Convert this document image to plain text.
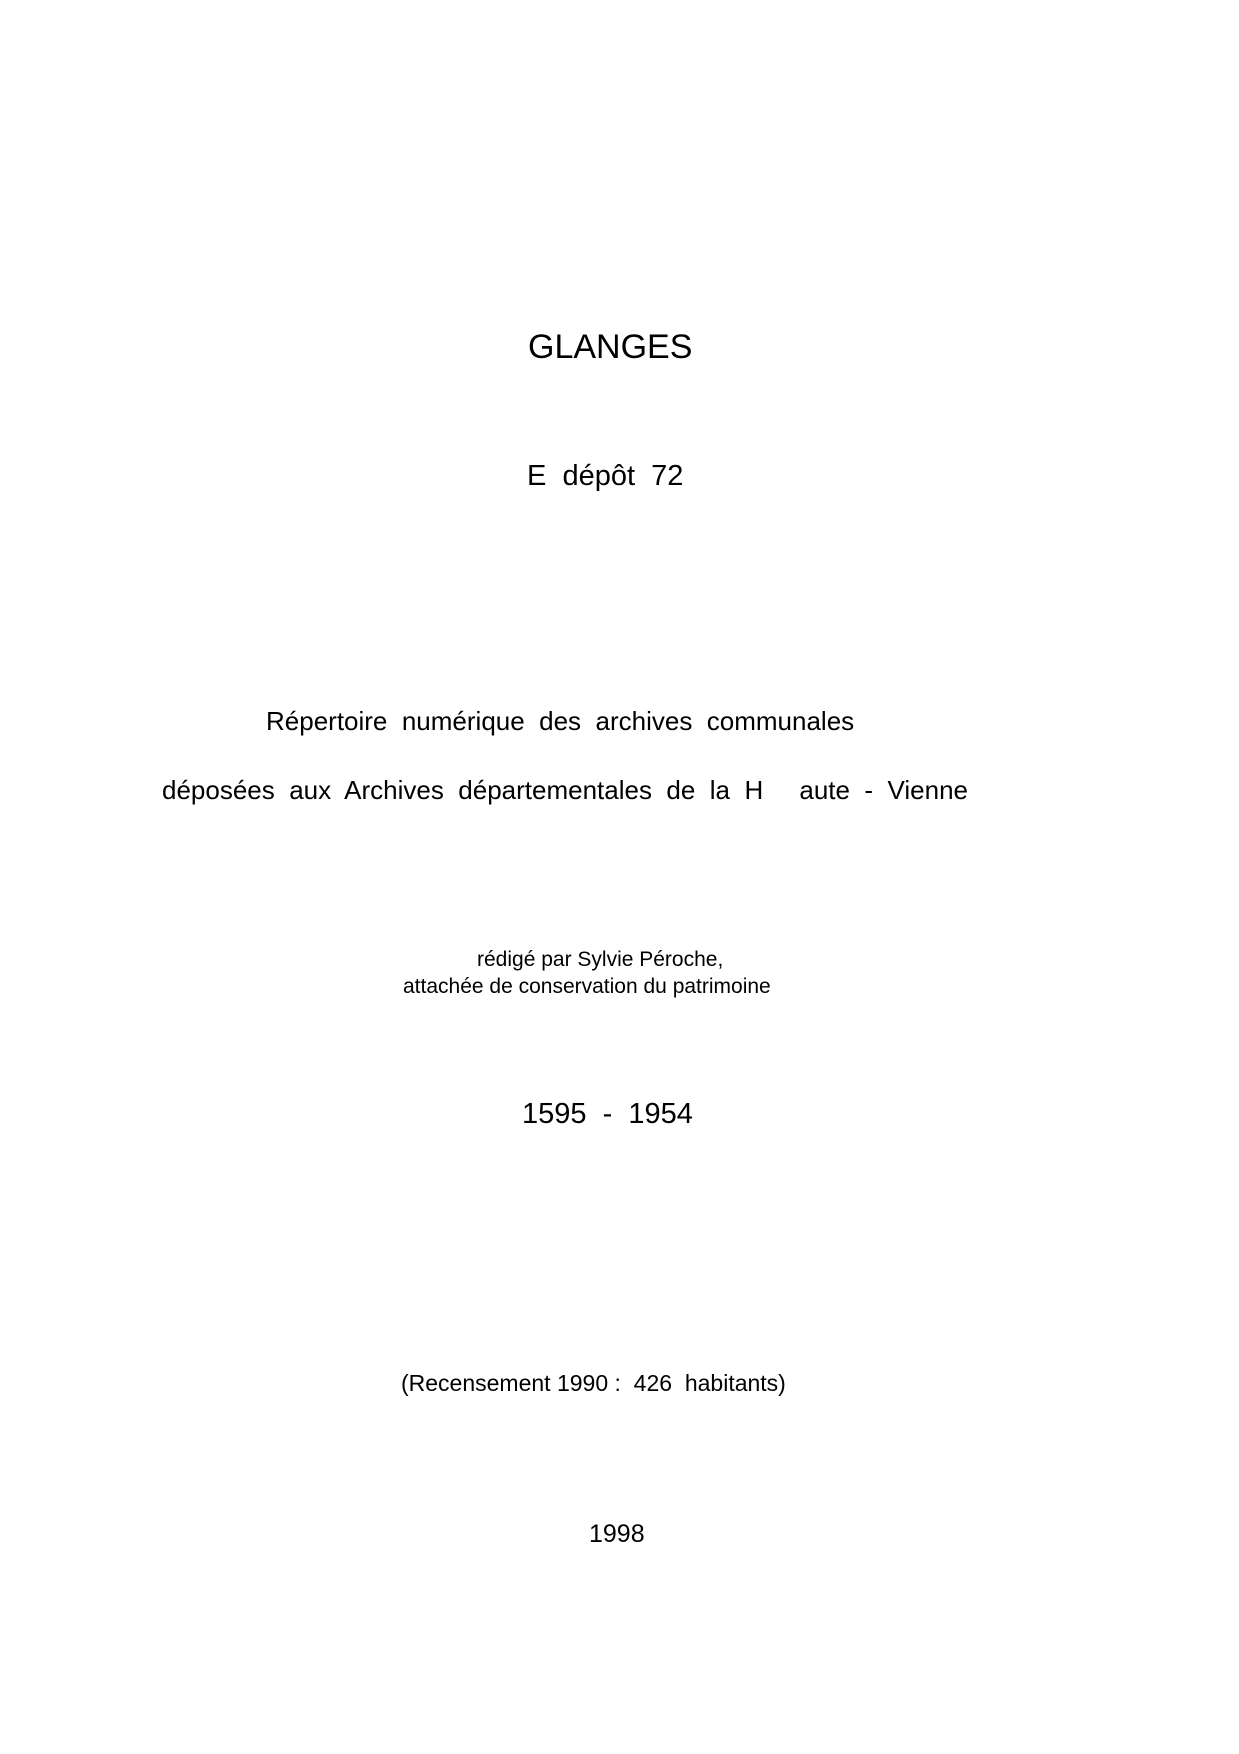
GLANGES
E  dépôt  72
Répertoire  numérique  des  archives  communales
déposées  aux  Archives  départementales  de  la  H     aute  -  Vienne
rédigé par Sylvie Péroche,
attachée de conservation du patrimoine
1595  -  1954
(Recensement 1990 :  426  habitants)
1998
